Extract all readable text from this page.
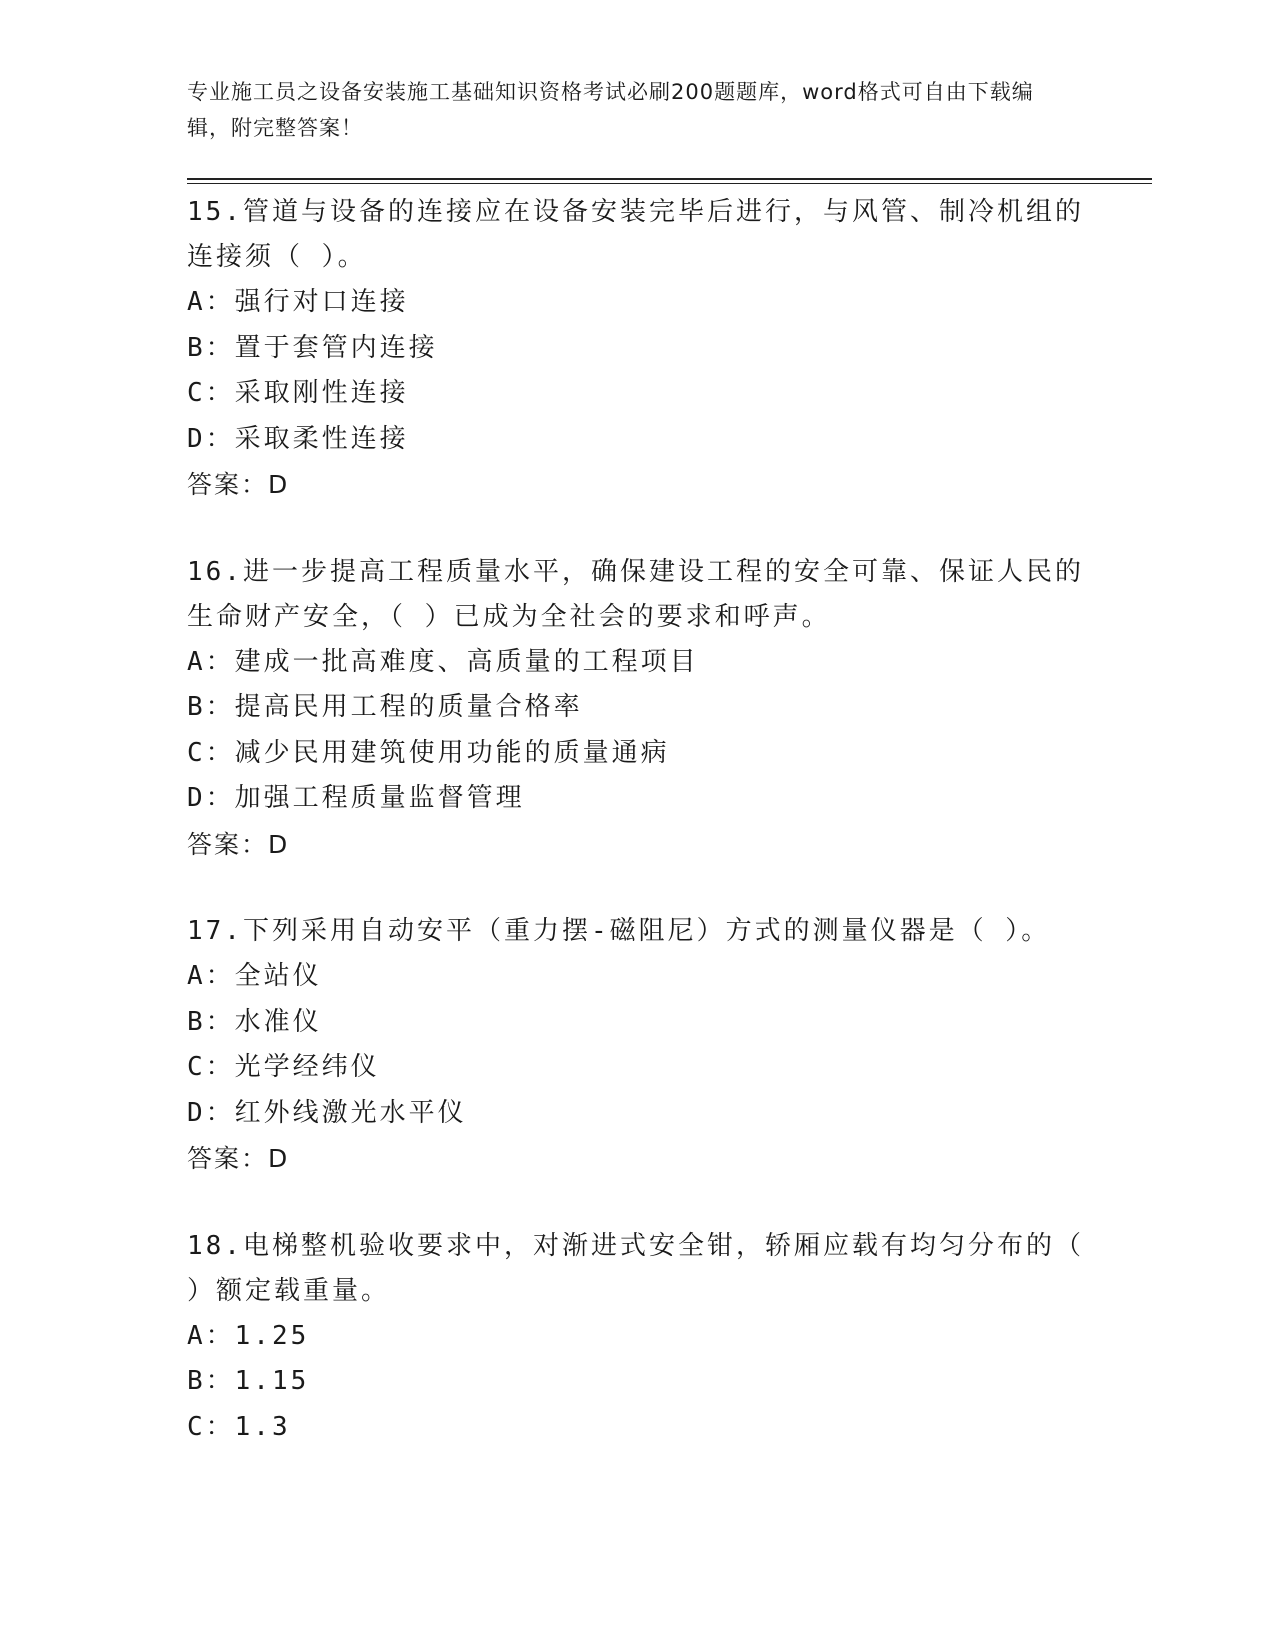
专业施工员之设备安装施工基础知识资格考试必刷200题题库，word格式可自由下载编辑，附完整答案！

15.管道与设备的连接应在设备安装完毕后进行，与风管、制冷机组的连接须（ ）。

A：强行对口连接

B：置于套管内连接

C：采取刚性连接

D：采取柔性连接

答案：D

16.进一步提高工程质量水平，确保建设工程的安全可靠、保证人民的生命财产安全，（ ）已成为全社会的要求和呼声。

A：建成一批高难度、高质量的工程项目

B：提高民用工程的质量合格率

C：减少民用建筑使用功能的质量通病

D：加强工程质量监督管理

答案：D

17.下列采用自动安平（重力摆-磁阻尼）方式的测量仪器是（ ）。

A：全站仪

B：水准仪

C：光学经纬仪

D：红外线激光水平仪

答案：D

18.电梯整机验收要求中，对渐进式安全钳，轿厢应载有均匀分布的（ ）额定载重量。

A：1.25

B：1.15

C：1.3
